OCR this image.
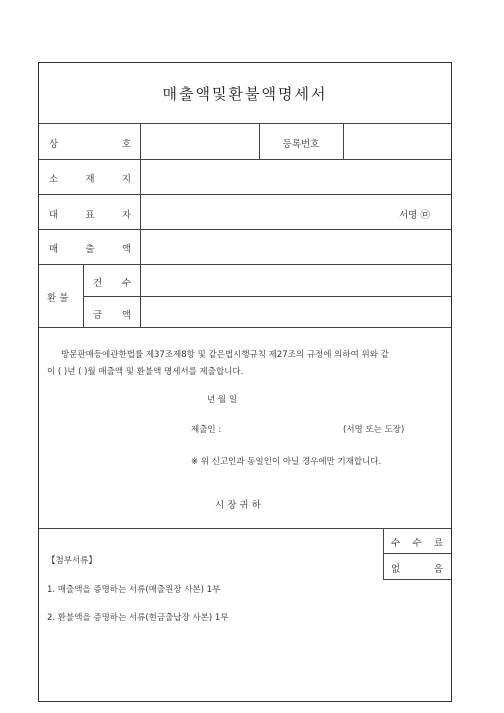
매출액및환불액명세서
상	호	등 록 번 호
소	재	지
대	표	자	서명 ㉤
매	출	액
환 불
건 수
금 액
방문판매등에관한법률 제37조제8항 및 같은법시행규칙 제27조의 규정에 의하여 위와 같
이 ( )년 ( )월 매출액 및 환불액 명세서를 제출합니다.
년 월 일
제출인 :	(서명 또는 도장)
※ 위 신고인과 동일인이 아닐 경우에만 기재합니다.
시 장 귀 하
【첨부서류】
1. 매출액을 증명하는 서류(매출원장 사본) 1부
2. 환불액을 증명하는 서류(현금출납장 사본) 1부
수 수 료
없	음
